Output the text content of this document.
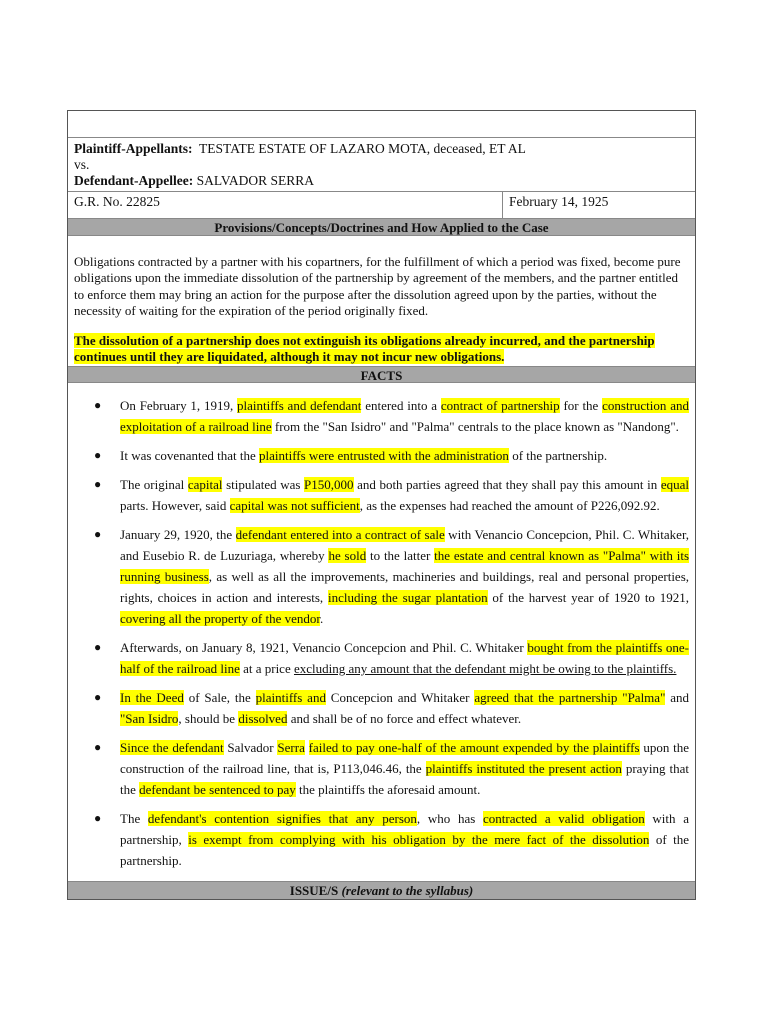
Plaintiff-Appellants: TESTATE ESTATE OF LAZARO MOTA, deceased, ET AL
vs.
Defendant-Appellee: SALVADOR SERRA
G.R. No. 22825	February 14, 1925
Provisions/Concepts/Doctrines and How Applied to the Case

Obligations contracted by a partner with his copartners, for the fulfillment of which a period was fixed, become pure obligations upon the immediate dissolution of the partnership by agreement of the members, and the partner entitled to enforce them may bring an action for the purpose after the dissolution agreed upon by the parties, without the necessity of waiting for the expiration of the period originally fixed.

The dissolution of a partnership does not extinguish its obligations already incurred, and the partnership continues until they are liquidated, although it may not incur new obligations.

FACTS
●	On February 1, 1919, plaintiffs and defendant entered into a contract of partnership for the construction and exploitation of a railroad line from the "San Isidro" and "Palma" centrals to the place known as "Nandong".
●	It was covenanted that the plaintiffs were entrusted with the administration of the partnership.
●	The original capital stipulated was P150,000 and both parties agreed that they shall pay this amount in equal parts. However, said capital was not sufficient, as the expenses had reached the amount of P226,092.92.
●	January 29, 1920, the defendant entered into a contract of sale with Venancio Concepcion, Phil. C. Whitaker, and Eusebio R. de Luzuriaga, whereby he sold to the latter the estate and central known as "Palma" with its running business, as well as all the improvements, machineries and buildings, real and personal properties, rights, choices in action and interests, including the sugar plantation of the harvest year of 1920 to 1921, covering all the property of the vendor.
●	Afterwards, on January 8, 1921, Venancio Concepcion and Phil. C. Whitaker bought from the plaintiffs one-half of the railroad line at a price excluding any amount that the defendant might be owing to the plaintiffs.
●	In the Deed of Sale, the plaintiffs and Concepcion and Whitaker agreed that the partnership "Palma" and "San Isidro, should be dissolved and shall be of no force and effect whatever.
●	Since the defendant Salvador Serra failed to pay one-half of the amount expended by the plaintiffs upon the construction of the railroad line, that is, P113,046.46, the plaintiffs instituted the present action praying that the defendant be sentenced to pay the plaintiffs the aforesaid amount.
●	The defendant's contention signifies that any person, who has contracted a valid obligation with a partnership, is exempt from complying with his obligation by the mere fact of the dissolution of the partnership.
ISSUE/S (relevant to the syllabus)
